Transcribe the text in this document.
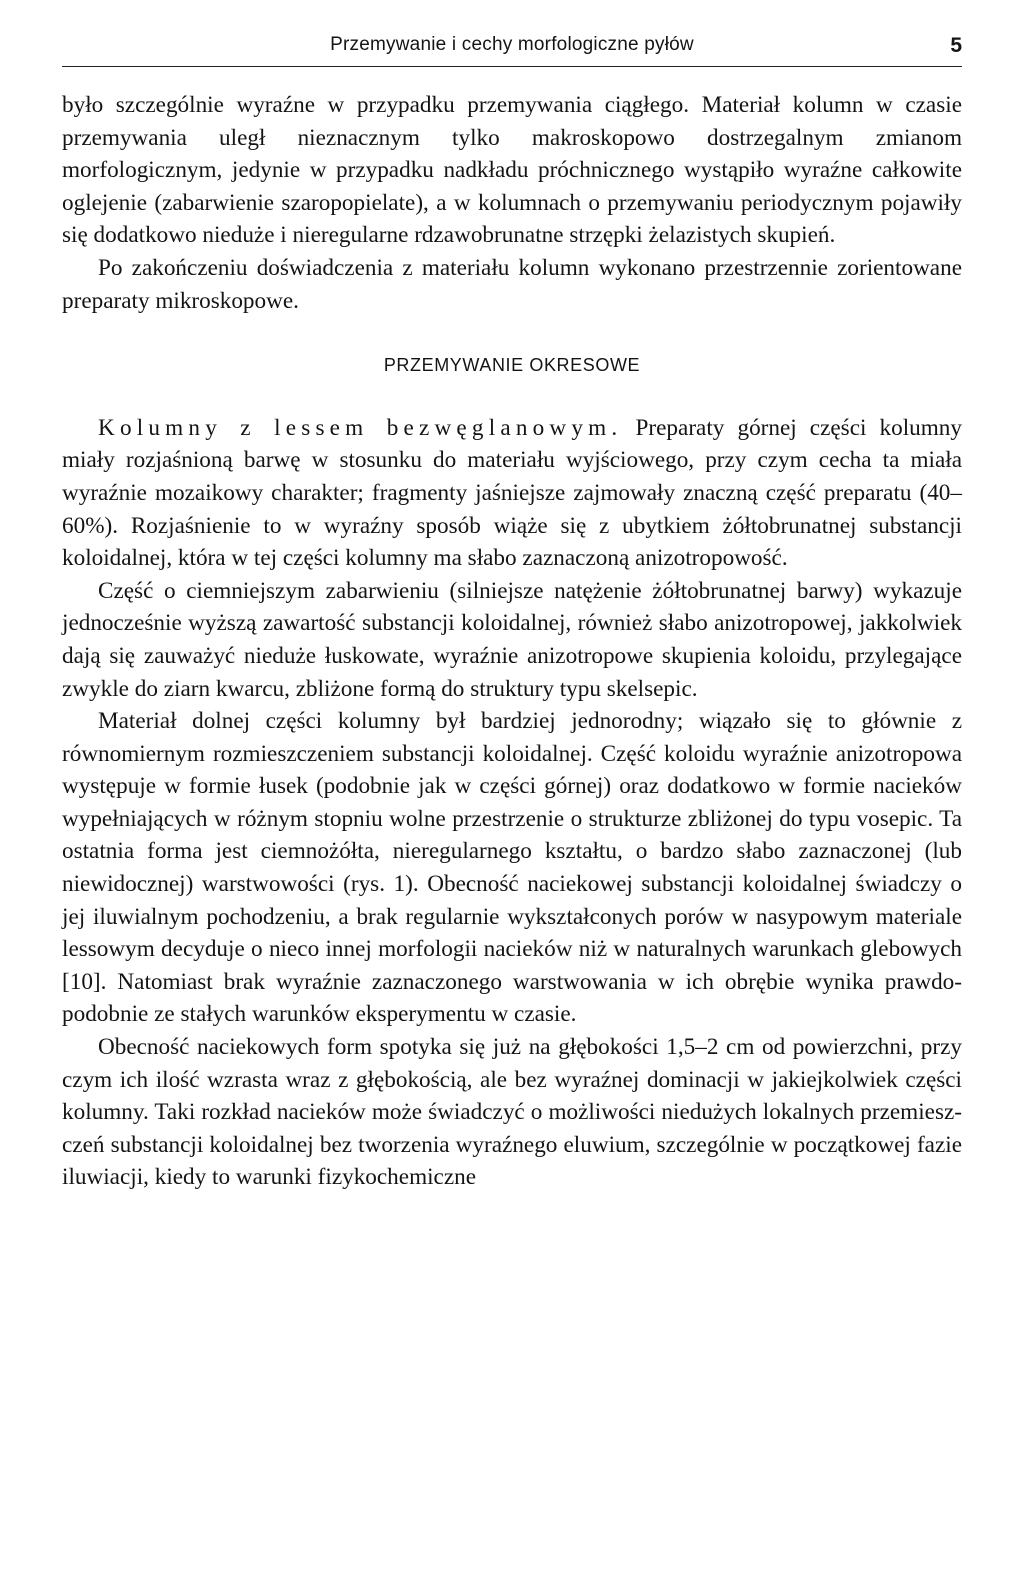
Przemywanie i cechy morfologiczne pyłów	5

było szczególnie wyraźne w przypadku przemywania ciągłego. Materiał kolumn w czasie przemywania uległ nieznacznym tylko makroskopowo dostrzegalnym zmianom morfologicznym, jedynie w przypadku nadkładu próchnicznego wystąpiło wyraźne całkowite oglejenie (zabarwienie szaropopielate), a w kolumnach o przemywaniu periodycznym pojawiły się dodatkowo nieduże i nieregularne rdzawobrunatne strzępki żelazistych skupień.

Po zakończeniu doświadczenia z materiału kolumn wykonano przestrzennie zorientowane preparaty mikroskopowe.

PRZEMYWANIE OKRESOWE

Kolumny z lessem bezwęglanowym. Preparaty górnej części kolumny miały rozjaśnioną barwę w stosunku do materiału wyjściowego, przy czym cecha ta miała wyraźnie mozaikowy charakter; fragmenty jaśniejsze zajmowały znaczną część preparatu (40–60%). Rozjaśnienie to w wyraźny sposób wiąże się z ubytkiem żółtobrunatnej substancji koloidalnej, która w tej części kolumny ma słabo zaznaczoną anizotropowość.

Część o ciemniejszym zabarwieniu (silniejsze natężenie żółtobrunatnej barwy) wykazuje jednocześnie wyższą zawartość substancji koloidalnej, również słabo anizotropowej, jakkolwiek dają się zauważyć nieduże łuskowate, wyraźnie anizotropowe skupienia koloidu, przylegające zwykle do ziarn kwarcu, zbliżone formą do struktury typu skelsepic.

Materiał dolnej części kolumny był bardziej jednorodny; wiązało się to głównie z równomiernym rozmieszczeniem substancji koloidalnej. Część koloidu wyraźnie anizotropowa występuje w formie łusek (podobnie jak w części górnej) oraz dodatkowo w formie nacieków wypełniających w różnym stopniu wolne przestrzenie o strukturze zbliżonej do typu vosepic. Ta ostatnia forma jest ciemnożółta, nieregularnego kształtu, o bardzo słabo zaznaczonej (lub niewidocznej) warstwowości (rys. 1). Obecność naciekowej substancji koloidalnej świadczy o jej iluwialnym pochodzeniu, a brak regularnie wykształconych porów w nasypowym materiale lessowym decyduje o nieco innej morfologii nacieków niż w naturalnych warunkach glebowych [10]. Natomiast brak wyraźnie zaznaczonego warstwowania w ich obrębie wynika prawdopodobnie ze stałych warunków eksperymentu w czasie.

Obecność naciekowych form spotyka się już na głębokości 1,5–2 cm od powierzchni, przy czym ich ilość wzrasta wraz z głębokością, ale bez wyraźnej dominacji w jakiejkolwiek części kolumny. Taki rozkład nacieków może świadczyć o możliwości niedużych lokalnych przemieszczeń substancji koloidalnej bez tworzenia wyraźnego eluwium, szczególnie w początkowej fazie iluwiacji, kiedy to warunki fizykochemiczne
